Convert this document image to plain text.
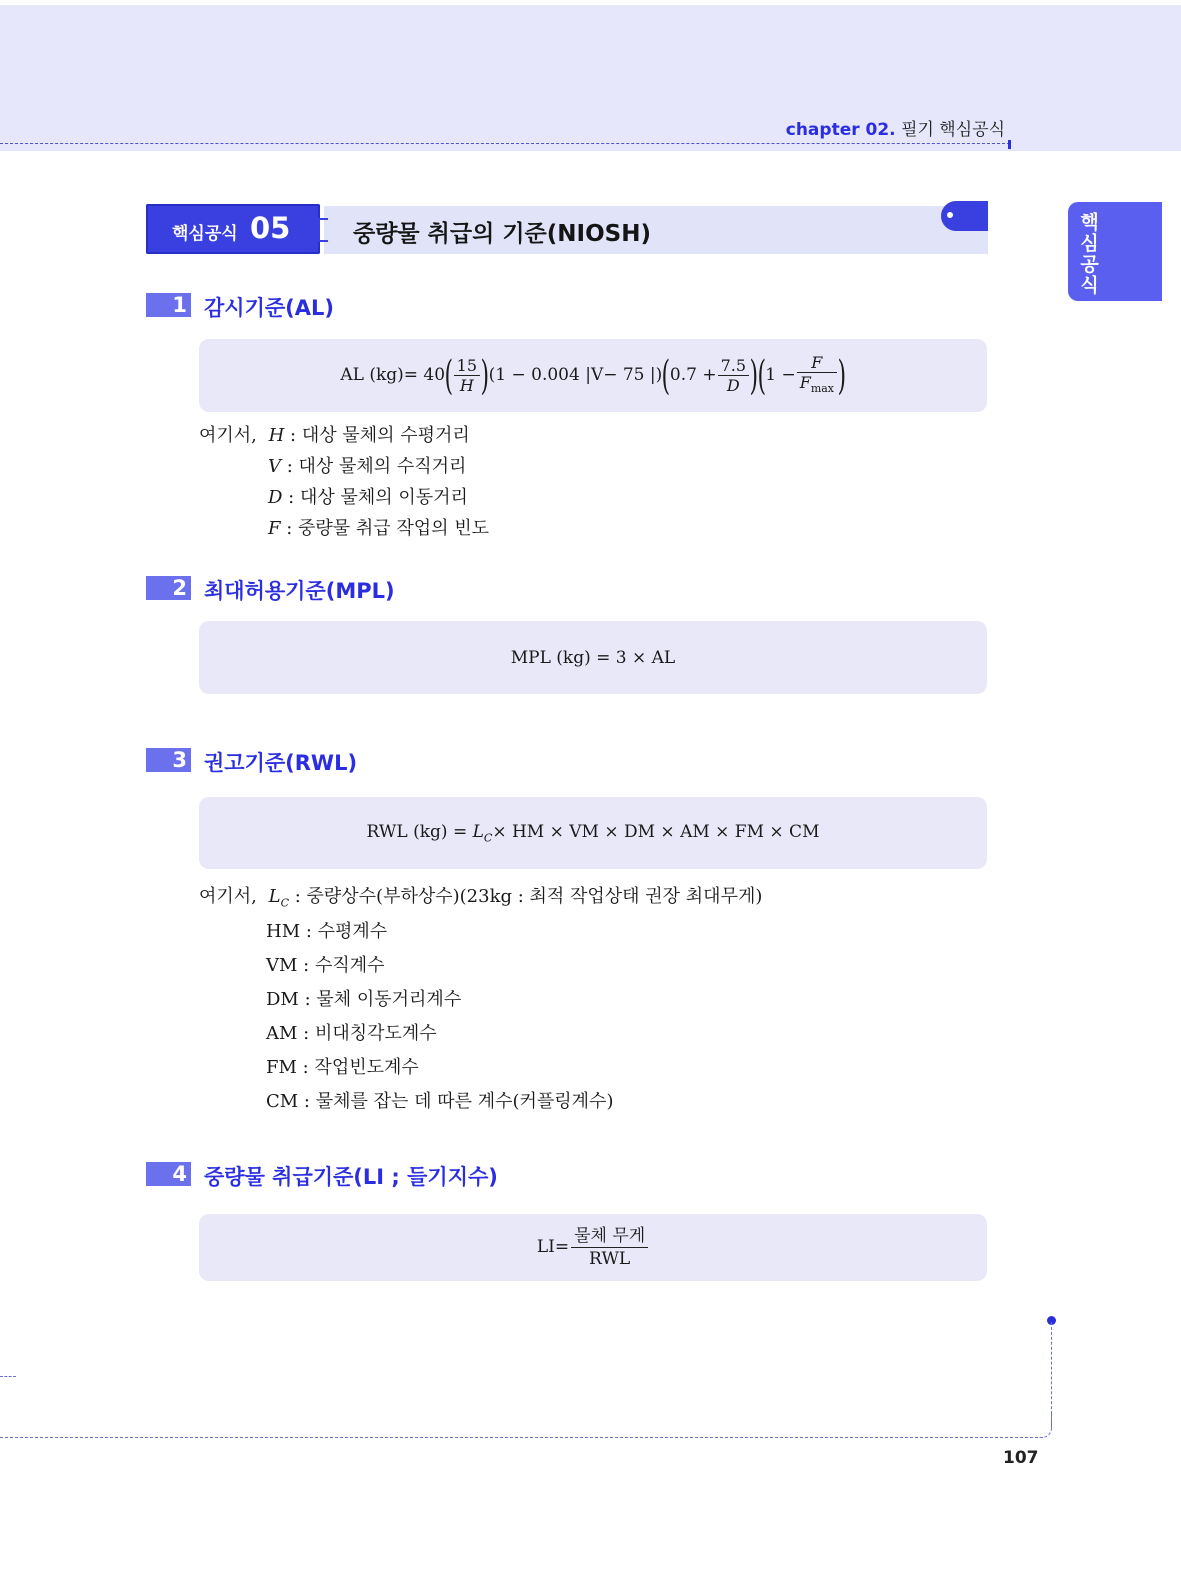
chapter 02. 필기 핵심공식
핵심공식
핵심공식 05	중량물 취급의 기준(NIOSH)
1 감시기준(AL)
AL $(kg)= 40( \frac{15}{H} )(1 - 0.004$ |V− 75 $|)(0.7 + \frac{7.5}{D} )(1 - \frac{F}{F_{max}}$ )
여기서, H : 대상 물체의 수평거리
V : 대상 물체의 수직거리
D : 대상 물체의 이동거리
F : 중량물 취급 작업의 빈도
2 최대허용기준(MPL)
MPL (kg) = 3 × AL
3 권고기준(RWL)
RWL $(kg) = L_C\times$ HM × VM × DM × AM × FM × CM
여기서, $L_C$ : 중량상수(부하상수)(23kg : 최적 작업상태 권장 최대무게)
HM : 수평계수
VM : 수직계수
DM : 물체 이동거리계수
AM : 비대칭각도계수
FM : 작업빈도계수
CM : 물체를 잡는 데 따른 계수(커플링계수)
4 중량물 취급기준(LI ; 들기지수)
$LI= \frac{\text{물체 무게}}{\text{RWL}}$
107
